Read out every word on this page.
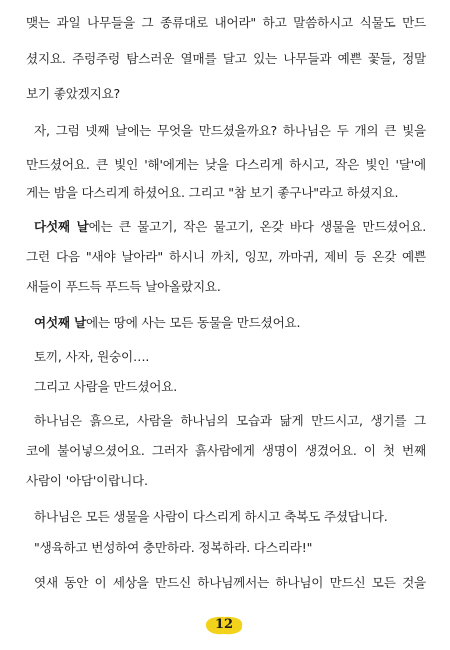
맺는 과일 나무들을 그 종류대로 내어라" 하고 말씀하시고 식물도 만드
셨지요. 주렁주렁 탐스러운 열매를 달고 있는 나무들과 예쁜 꽃들, 정말
보기 좋았겠지요?
자, 그럼 넷째 날에는 무엇을 만드셨을까요? 하나님은 두 개의 큰 빛을
만드셨어요. 큰 빛인 '해'에게는 낮을 다스리게 하시고, 작은 빛인 '달'에
게는 밤을 다스리게 하셨어요. 그리고 "참 보기 좋구나"라고 하셨지요.
다섯째 날에는 큰 물고기, 작은 물고기, 온갖 바다 생물을 만드셨어요.
그런 다음 "새야 날아라" 하시니 까치, 잉꼬, 까마귀, 제비 등 온갖 예쁜
새들이 푸드득 푸드득 날아올랐지요.
여섯째 날에는 땅에 사는 모든 동물을 만드셨어요.
토끼, 사자, 원숭이….
그리고 사람을 만드셨어요.
하나님은 흙으로, 사람을 하나님의 모습과 닮게 만드시고, 생기를 그
코에 불어넣으셨어요. 그러자 흙사람에게 생명이 생겼어요. 이 첫 번째
사람이 '아담'이랍니다.
하나님은 모든 생물을 사람이 다스리게 하시고 축복도 주셨답니다.
"생육하고 번성하여 충만하라. 정복하라. 다스리라!"
엿새 동안 이 세상을 만드신 하나님께서는 하나님이 만드신 모든 것을
12
